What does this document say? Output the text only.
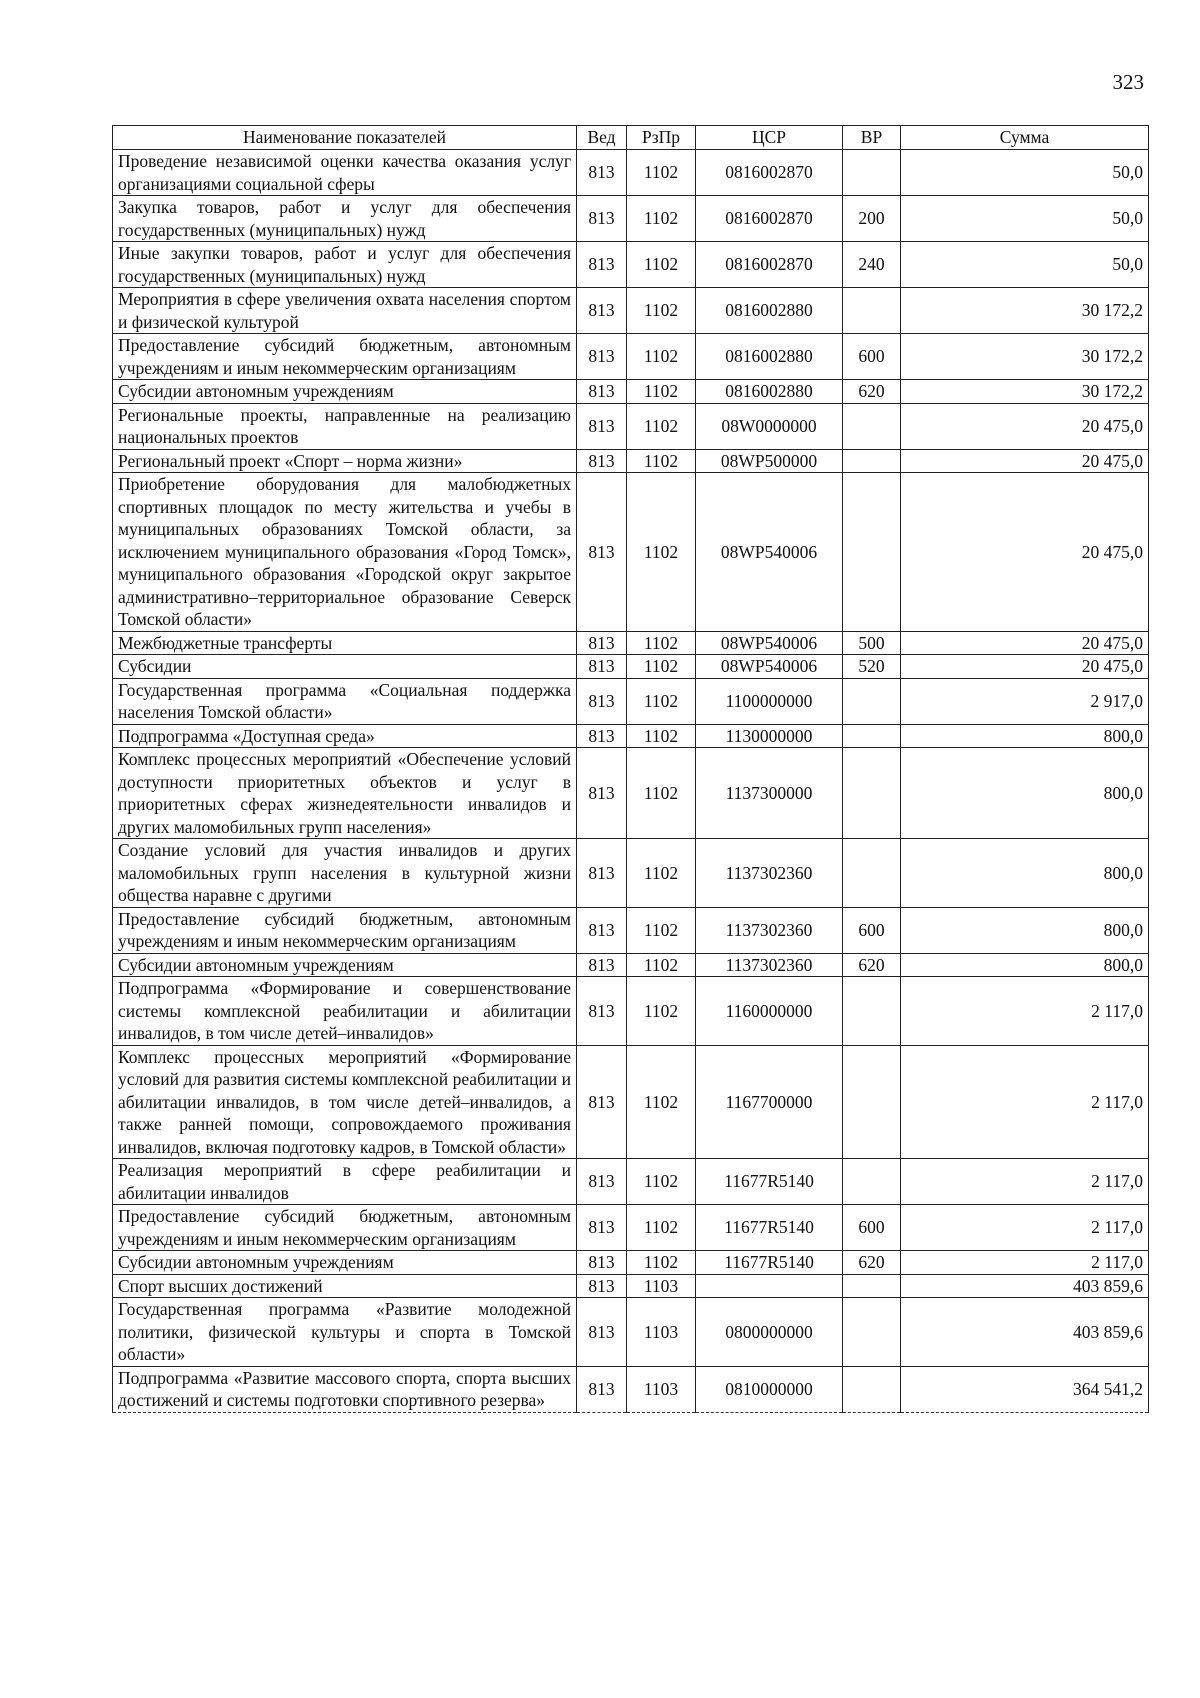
323
Наименование показателей	Вед	РзПр	ЦСР	ВР	Сумма
Проведение независимой оценки качества оказания услуг организациями социальной сферы	813	1102	0816002870		50,0
Закупка товаров, работ и услуг для обеспечения государственных (муниципальных) нужд	813	1102	0816002870	200	50,0
Иные закупки товаров, работ и услуг для обеспечения государственных (муниципальных) нужд	813	1102	0816002870	240	50,0
Мероприятия в сфере увеличения охвата населения спортом и физической культурой	813	1102	0816002880		30 172,2
Предоставление субсидий бюджетным, автономным учреждениям и иным некоммерческим организациям	813	1102	0816002880	600	30 172,2
Субсидии автономным учреждениям	813	1102	0816002880	620	30 172,2
Региональные проекты, направленные на реализацию национальных проектов	813	1102	08W0000000		20 475,0
Региональный проект «Спорт – норма жизни»	813	1102	08WP500000		20 475,0
Приобретение оборудования для малобюджетных спортивных площадок по месту жительства и учебы в муниципальных образованиях Томской области, за исключением муниципального образования «Город Томск», муниципального образования «Городской округ закрытое административно–территориальное образование Северск Томской области»	813	1102	08WP540006		20 475,0
Межбюджетные трансферты	813	1102	08WP540006	500	20 475,0
Субсидии	813	1102	08WP540006	520	20 475,0
Государственная программа «Социальная поддержка населения Томской области»	813	1102	1100000000		2 917,0
Подпрограмма «Доступная среда»	813	1102	1130000000		800,0
Комплекс процессных мероприятий «Обеспечение условий доступности приоритетных объектов и услуг в приоритетных сферах жизнедеятельности инвалидов и других маломобильных групп населения»	813	1102	1137300000		800,0
Создание условий для участия инвалидов и других маломобильных групп населения в культурной жизни общества наравне с другими	813	1102	1137302360		800,0
Предоставление субсидий бюджетным, автономным учреждениям и иным некоммерческим организациям	813	1102	1137302360	600	800,0
Субсидии автономным учреждениям	813	1102	1137302360	620	800,0
Подпрограмма «Формирование и совершенствование системы комплексной реабилитации и абилитации инвалидов, в том числе детей–инвалидов»	813	1102	1160000000		2 117,0
Комплекс процессных мероприятий «Формирование условий для развития системы комплексной реабилитации и абилитации инвалидов, в том числе детей–инвалидов, а также ранней помощи, сопровождаемого проживания инвалидов, включая подготовку кадров, в Томской области»	813	1102	1167700000		2 117,0
Реализация мероприятий в сфере реабилитации и абилитации инвалидов	813	1102	11677R5140		2 117,0
Предоставление субсидий бюджетным, автономным учреждениям и иным некоммерческим организациям	813	1102	11677R5140	600	2 117,0
Субсидии автономным учреждениям	813	1102	11677R5140	620	2 117,0
Спорт высших достижений	813	1103			403 859,6
Государственная программа «Развитие молодежной политики, физической культуры и спорта в Томской области»	813	1103	0800000000		403 859,6
Подпрограмма «Развитие массового спорта, спорта высших достижений и системы подготовки спортивного резерва»	813	1103	0810000000		364 541,2
